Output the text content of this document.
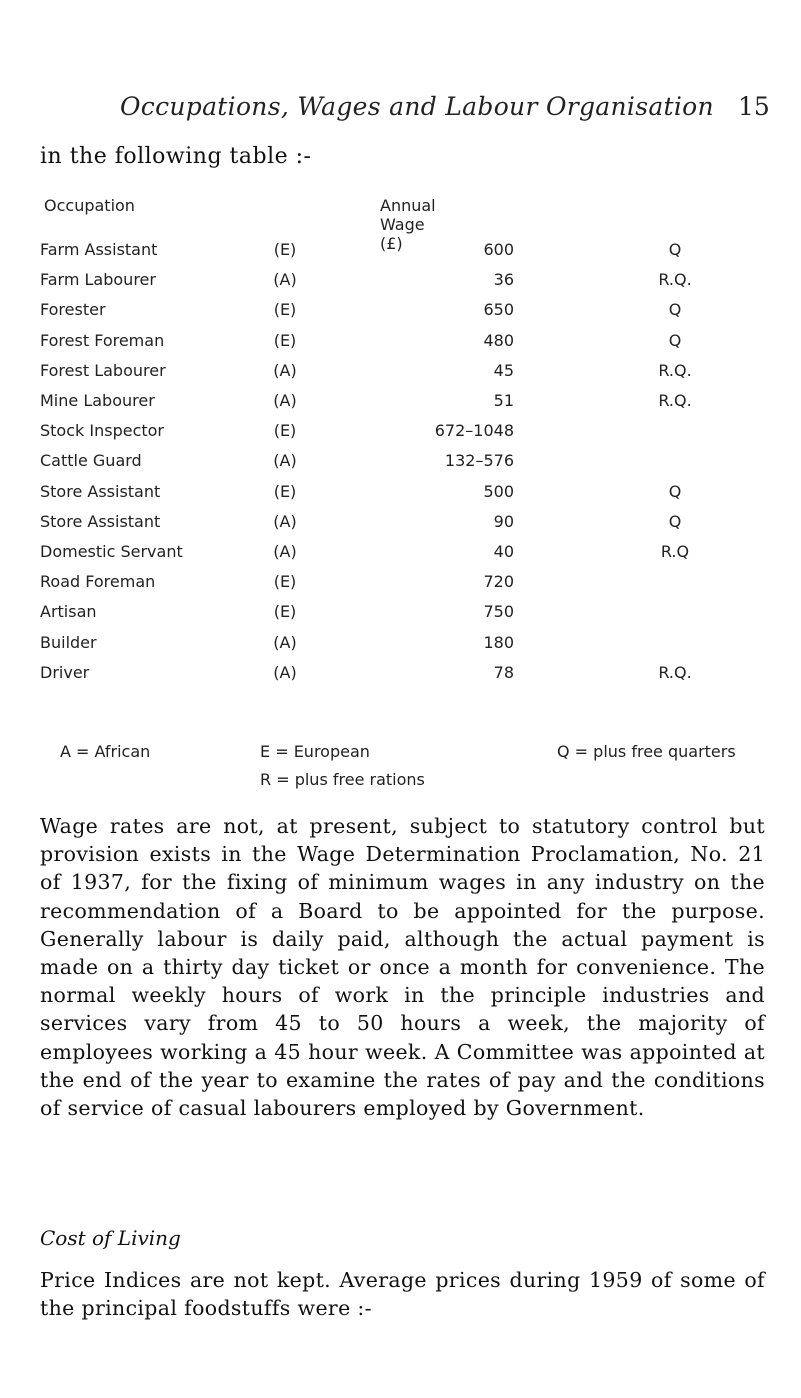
Occupations, Wages and Labour Organisation 15
in the following table :-
Occupation	Annual Wage (£)
Farm Assistant	(E)	600	Q
Farm Labourer	(A)	36	R.Q.
Forester	(E)	650	Q
Forest Foreman	(E)	480	Q
Forest Labourer	(A)	45	R.Q.
Mine Labourer	(A)	51	R.Q.
Stock Inspector	(E)	672–1048
Cattle Guard	(A)	132–576
Store Assistant	(E)	500	Q
Store Assistant	(A)	90	Q
Domestic Servant	(A)	40	R.Q
Road Foreman	(E)	720
Artisan	(E)	750
Builder	(A)	180
Driver	(A)	78	R.Q.
A = African	E = European	Q = plus free quarters
R = plus free rations
Wage rates are not, at present, subject to statutory control but provision exists in the Wage Determination Proclamation, No. 21 of 1937, for the fixing of minimum wages in any industry on the recommendation of a Board to be appointed for the purpose. Generally labour is daily paid, although the actual payment is made on a thirty day ticket or once a month for convenience. The normal weekly hours of work in the principle industries and services vary from 45 to 50 hours a week, the majority of employees working a 45 hour week. A Committee was appointed at the end of the year to examine the rates of pay and the conditions of service of casual labourers employed by Government.
Cost of Living
Price Indices are not kept. Average prices during 1959 of some of the principal foodstuffs were :-
